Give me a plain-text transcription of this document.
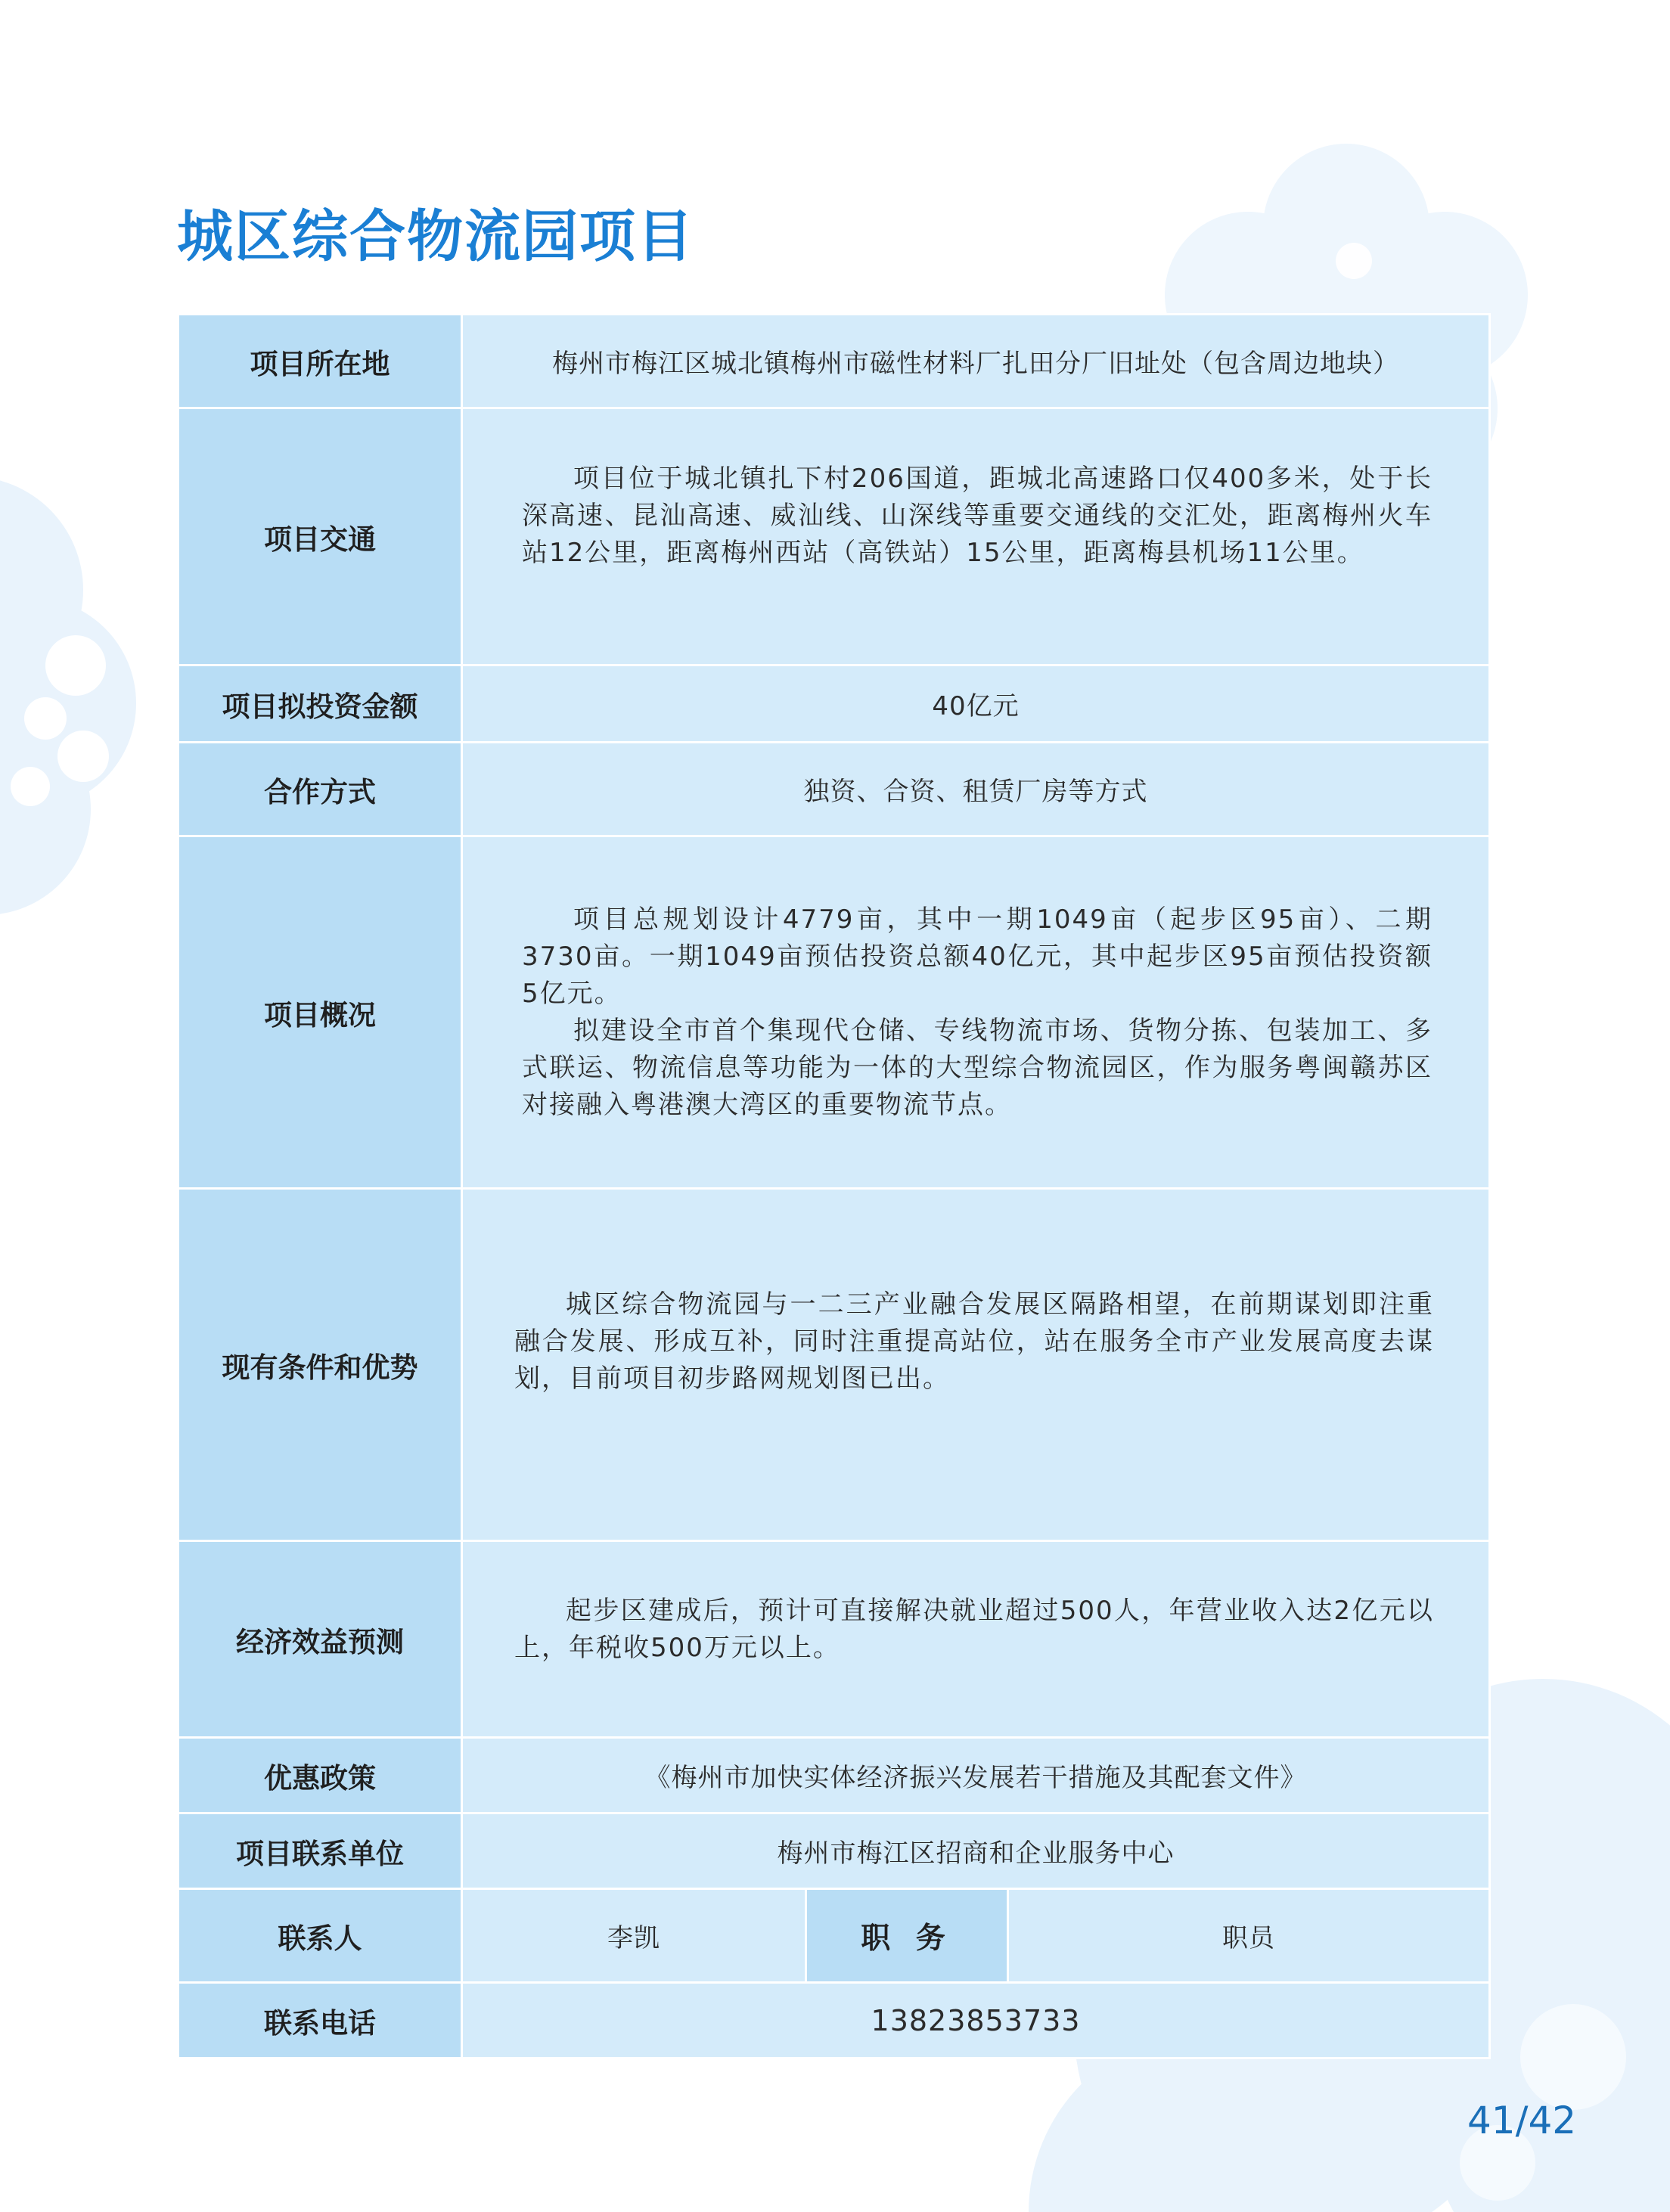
城区综合物流园项目
项目所在地	梅州市梅江区城北镇梅州市磁性材料厂扎田分厂旧址处（包含周边地块）		
项目交通	项目位于城北镇扎下村206国道，距城北高速路口仅400多米，处于长深高速、昆汕高速、威汕线、山深线等重要交通线的交汇处，距离梅州火车站12公里，距离梅州西站（高铁站）15公里，距离梅县机场11公里。		

项目拟投资金额	40亿元		
合作方式	独资、合资、租赁厂房等方式		
项目概况	项目总规划设计4779亩，其中一期1049亩（起步区95亩）、二期3730亩。一期1049亩预估投资总额40亿元，其中起步区95亩预估投资额5亿元。

拟建设全市首个集现代仓储、专线物流市场、货物分拣、包装加工、多式联运、物流信息等功能为一体的大型综合物流园区，作为服务粤闽赣苏区对接融入粤港澳大湾区的重要物流节点。		

现有条件和优势	城区综合物流园与一二三产业融合发展区隔路相望，在前期谋划即注重融合发展、形成互补，同时注重提高站位，站在服务全市产业发展高度去谋划，目前项目初步路网规划图已出。		

经济效益预测	起步区建成后，预计可直接解决就业超过500人，年营业收入达2亿元以上，年税收500万元以上。		

优惠政策	《梅州市加快实体经济振兴发展若干措施及其配套文件》		
项目联系单位	梅州市梅江区招商和企业服务中心		
联系人	李凯	职 务	职员
联系电话	13823853733		
41/42
